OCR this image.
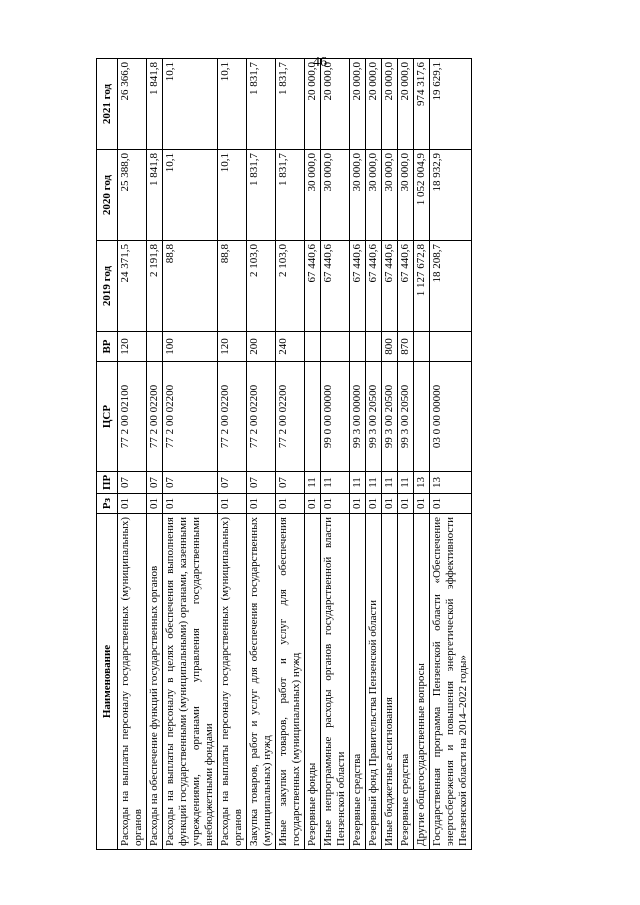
46
Наименование	Рз	ПР	ЦСР	ВР	2019 год	2020 год	2021 год
Расходы на выплаты персоналу государственных (муниципальных) органов	01	07	77 2 00 02100	120	24 371,5	25 388,0	26 366,0
Расходы на обеспечение функций государственных органов	01	07	77 2 00 02200		2 191,8	1 841,8	1 841,8
Расходы на выплаты персоналу в целях обеспечения выполнения функций государственными (муниципальными) органами, казенными учреждениями, органами управления государственными внебюджетными фондами	01	07	77 2 00 02200	100	88,8	10,1	10,1
Расходы на выплаты персоналу государственных (муниципальных) органов	01	07	77 2 00 02200	120	88,8	10,1	10,1
Закупка товаров, работ и услуг для обеспечения государственных (муниципальных) нужд	01	07	77 2 00 02200	200	2 103,0	1 831,7	1 831,7
Иные закупки товаров, работ и услуг для обеспечения государственных (муниципальных) нужд	01	07	77 2 00 02200	240	2 103,0	1 831,7	1 831,7
Резервные фонды	01	11			67 440,6	30 000,0	20 000,0
Иные непрограммные расходы органов государственной власти Пензенской области	01	11	99 0 00 00000		67 440,6	30 000,0	20 000,0
Резервные средства	01	11	99 3 00 00000		67 440,6	30 000,0	20 000,0
Резервный фонд Правительства Пензенской области	01	11	99 3 00 20500		67 440,6	30 000,0	20 000,0
Иные бюджетные ассигнования	01	11	99 3 00 20500	800	67 440,6	30 000,0	20 000,0
Резервные средства	01	11	99 3 00 20500	870	67 440,6	30 000,0	20 000,0
Другие общегосударственные вопросы	01	13			1 127 672,8	1 052 004,9	974 317,6
Государственная программа Пензенской области «Обеспечение энергосбережения и повышения энергетической эффективности Пензенской области на 2014–2022 годы»	01	13	03 0 00 00000		18 208,7	18 932,9	19 629,1
